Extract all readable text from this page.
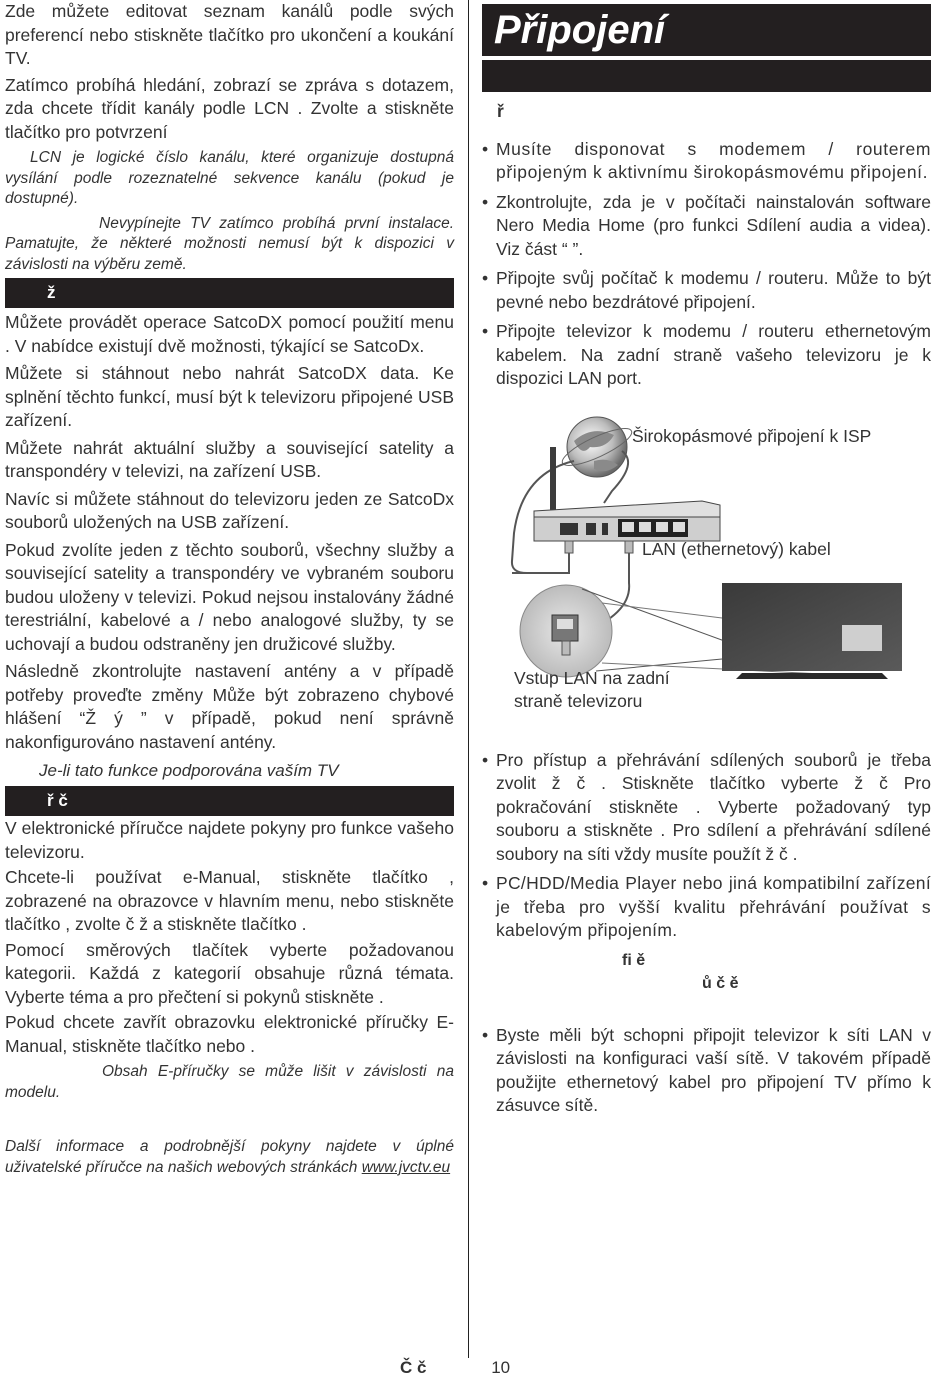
Zde můžete editovat seznam kanálů podle svých preferencí nebo stiskněte tlačítko pro ukončení a koukání TV.

Zatímco probíhá hledání, zobrazí se zpráva s dotazem, zda chcete třídit kanály podle LCN . Zvolte a stiskněte tlačítko pro potvrzení

LCN je logické číslo kanálu, které organizuje dostupná vysílání podle rozeznatelné sekvence kanálu (pokud je dostupné).

Nevypínejte TV zatímco probíhá první instalace. Pamatujte, že některé možnosti nemusí být k dispozici v závislosti na výběru země.

ž

Můžete provádět operace SatcoDX pomocí použití menu . V nabídce existují dvě možnosti, týkající se SatcoDx.

Můžete si stáhnout nebo nahrát SatcoDX data. Ke splnění těchto funkcí, musí být k televizoru připojené USB zařízení.

Můžete nahrát aktuální služby a související satelity a transpondéry v televizi, na zařízení USB.

Navíc si můžete stáhnout do televizoru jeden ze SatcoDx souborů uložených na USB zařízení.

Pokud zvolíte jeden z těchto souborů, všechny služby a související satelity a transpondéry ve vybraném souboru budou uloženy v televizi. Pokud nejsou instalovány žádné terestriální, kabelové a / nebo analogové služby, ty se uchovají a budou odstraněny jen družicové služby.

Následně zkontrolujte nastavení antény a v případě potřeby proveďte změny Může být zobrazeno chybové hlášení “Ž ý ” v případě, pokud není správně nakonfigurováno nastavení antény.

Je-li tato funkce podporována vaším TV

ř č

V elektronické příručce najdete pokyny pro funkce vašeho televizoru.

Chcete-li používat e-Manual, stiskněte tlačítko , zobrazené na obrazovce v hlavním menu, nebo stiskněte tlačítko , zvolte č ž a stiskněte tlačítko .

Pomocí směrových tlačítek vyberte požadovanou kategorii. Každá z kategorií obsahuje různá témata. Vyberte téma a pro přečtení si pokynů stiskněte .

Pokud chcete zavřít obrazovku elektronické příručky E-Manual, stiskněte tlačítko nebo .

Obsah E-příručky se může lišit v závislosti na modelu.

Další informace a podrobnější pokyny najdete v úplné uživatelské příručce na našich webových stránkách www.jvctv.eu

Připojení

ř

• Musíte disponovat s modemem / routerem připojeným k aktivnímu širokopásmovému připojení.

• Zkontrolujte, zda je v počítači nainstalován software Nero Media Home (pro funkci Sdílení audia a videa). Viz část “ ”.

• Připojte svůj počítač k modemu / routeru. Může to být pevné nebo bezdrátové připojení.

• Připojte televizor k modemu / routeru ethernetovým kabelem. Na zadní straně vašeho televizoru je k dispozici LAN port.

Širokopásmové připojení k ISP
LAN (ethernetový) kabel
Vstup LAN na zadní straně televizoru

• Pro přístup a přehrávání sdílených souborů je třeba zvolit ž č . Stiskněte tlačítko vyberte ž č Pro pokračování stiskněte . Vyberte požadovaný typ souboru a stiskněte . Pro sdílení a přehrávání sdílené soubory na síti vždy musíte použít ž č .

• PC/HDD/Media Player nebo jiná kompatibilní zařízení je třeba pro vyšší kvalitu přehrávání používat s kabelovým připojením.

fi ě

ů č ě

• Byste měli být schopni připojit televizor k síti LAN v závislosti na konfiguraci vaší sítě. V takovém případě použijte ethernetový kabel pro připojení TV přímo k zásuvce sítě.

Č č	10
